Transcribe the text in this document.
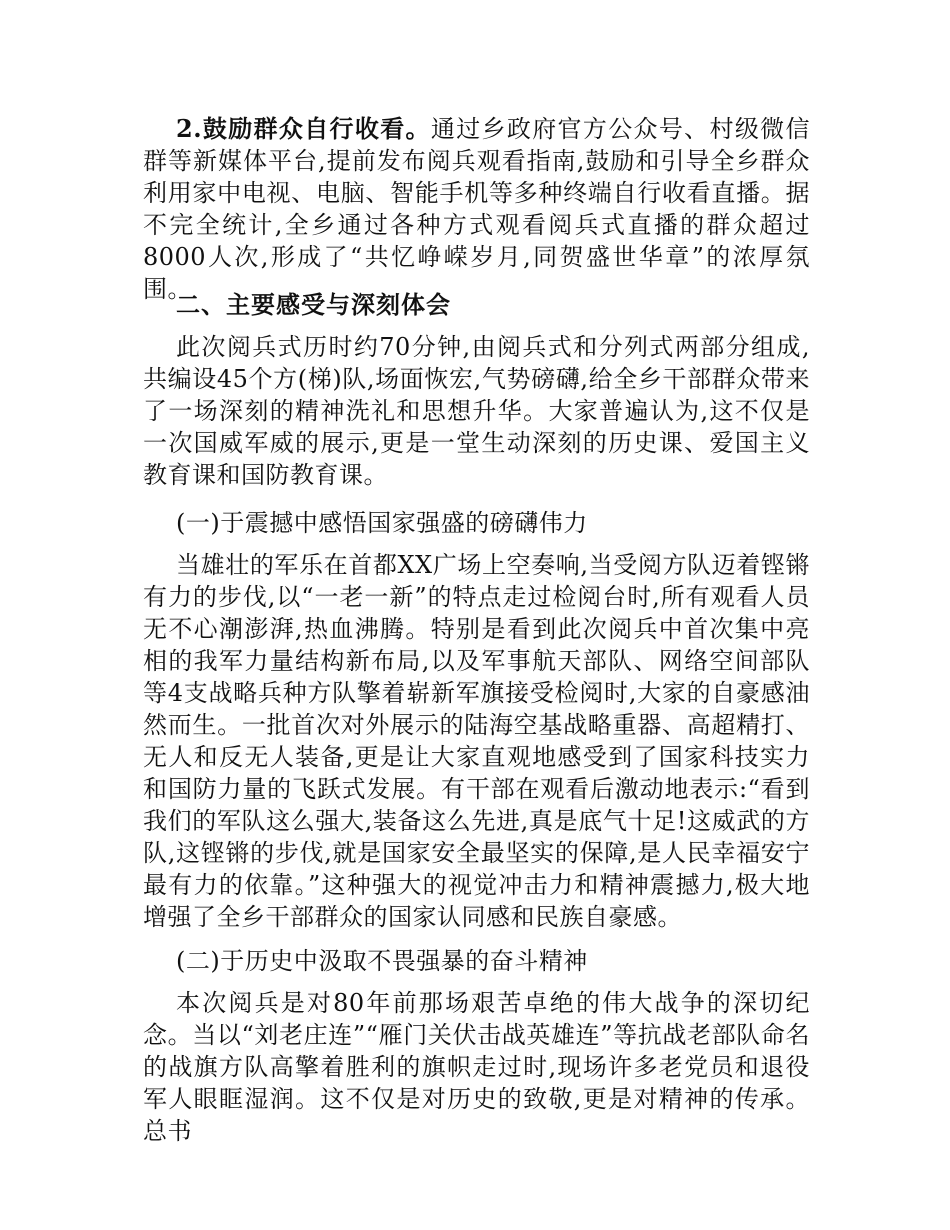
2.鼓励群众自行收看。通过乡政府官方公众号、村级微信群等新媒体平台,提前发布阅兵观看指南,鼓励和引导全乡群众利用家中电视、电脑、智能手机等多种终端自行收看直播。据不完全统计,全乡通过各种方式观看阅兵式直播的群众超过8000人次,形成了“共忆峥嵘岁月,同贺盛世华章”的浓厚氛围。

二、主要感受与深刻体会

此次阅兵式历时约70分钟,由阅兵式和分列式两部分组成,共编设45个方(梯)队,场面恢宏,气势磅礴,给全乡干部群众带来了一场深刻的精神洗礼和思想升华。大家普遍认为,这不仅是一次国威军威的展示,更是一堂生动深刻的历史课、爱国主义教育课和国防教育课。

(一)于震撼中感悟国家强盛的磅礴伟力

当雄壮的军乐在首都XX广场上空奏响,当受阅方队迈着铿锵有力的步伐,以“一老一新”的特点走过检阅台时,所有观看人员无不心潮澎湃,热血沸腾。特别是看到此次阅兵中首次集中亮相的我军力量结构新布局,以及军事航天部队、网络空间部队等4支战略兵种方队擎着崭新军旗接受检阅时,大家的自豪感油然而生。一批首次对外展示的陆海空基战略重器、高超精打、无人和反无人装备,更是让大家直观地感受到了国家科技实力和国防力量的飞跃式发展。有干部在观看后激动地表示:“看到我们的军队这么强大,装备这么先进,真是底气十足!这威武的方队,这铿锵的步伐,就是国家安全最坚实的保障,是人民幸福安宁最有力的依靠。”这种强大的视觉冲击力和精神震撼力,极大地增强了全乡干部群众的国家认同感和民族自豪感。

(二)于历史中汲取不畏强暴的奋斗精神

本次阅兵是对80年前那场艰苦卓绝的伟大战争的深切纪念。当以“刘老庄连”“雁门关伏击战英雄连”等抗战老部队命名的战旗方队高擎着胜利的旗帜走过时,现场许多老党员和退役军人眼眶湿润。这不仅是对历史的致敬,更是对精神的传承。总书
